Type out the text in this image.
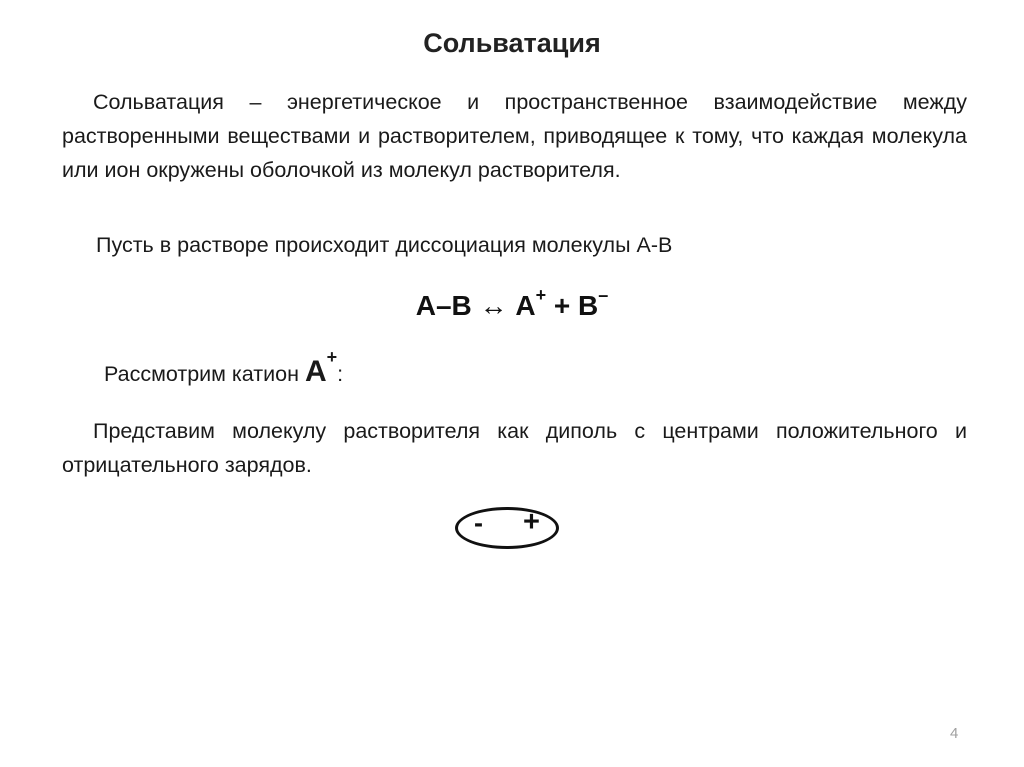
Сольватация
Сольватация – энергетическое и пространственное взаимодействие между растворенными веществами и растворителем, приводящее к тому, что каждая молекула или ион окружены оболочкой из молекул растворителя.
Пусть в растворе происходит диссоциация молекулы А-В
А–В ↔ А+ + В–
Рассмотрим катион А+:
Представим молекулу растворителя как диполь с центрами положительного и отрицательного зарядов.
- +
4
